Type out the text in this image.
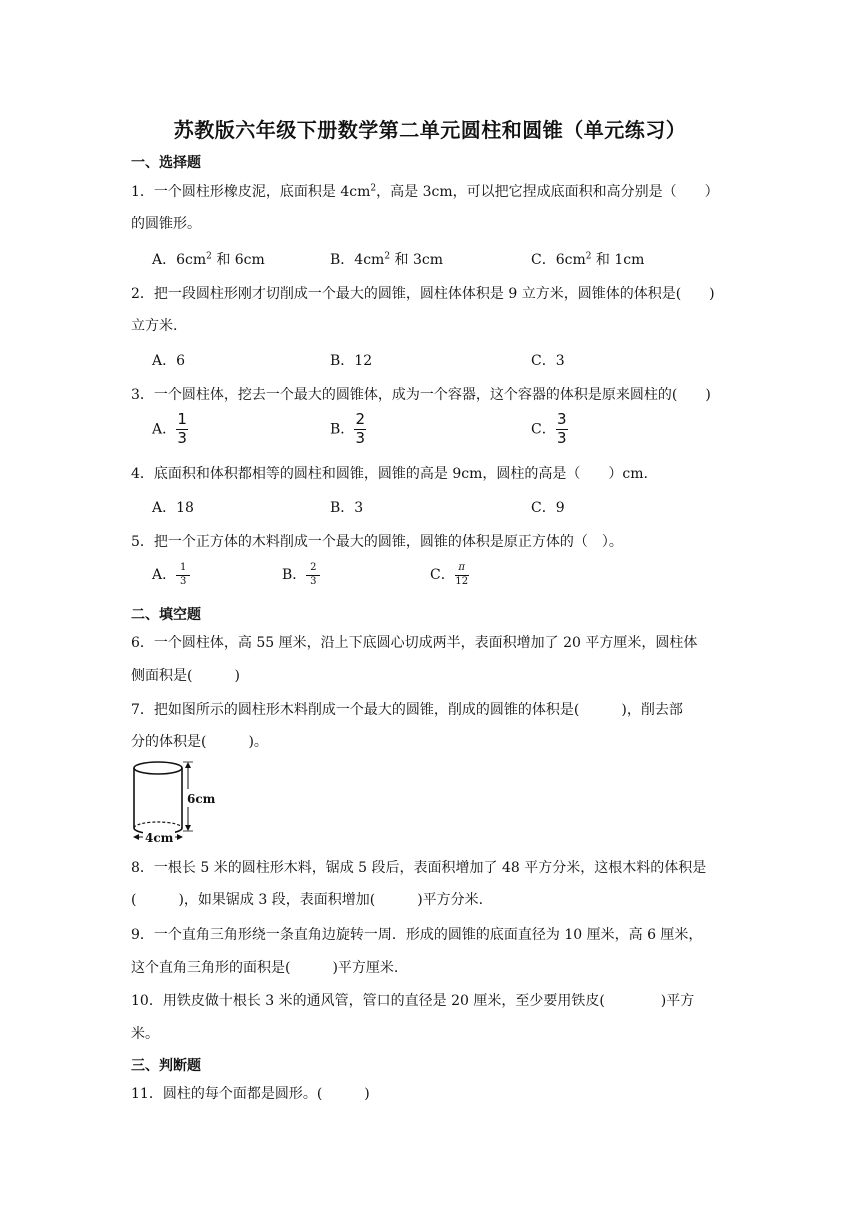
苏教版六年级下册数学第二单元圆柱和圆锥（单元练习）
一、选择题
1．一个圆柱形橡皮泥，底面积是 $4cm^2$，高是 3cm，可以把它捏成底面积和高分别是（　　）
的圆锥形。
A．$6cm^2$ 和 6cm	B．$4cm^2$ 和 3cm	C．$6cm^2$ 和 1cm
2．把一段圆柱形刚才切削成一个最大的圆锥，圆柱体体积是 9 立方米，圆锥体的体积是(　　)
立方米.
A．6	B．12	C．3
3．一个圆柱体，挖去一个最大的圆锥体，成为一个容器，这个容器的体积是原来圆柱的(　　)
A． $\frac{1}{3}$	B． $\frac{2}{3}$	C． $\frac{3}{3}$
4．底面积和体积都相等的圆柱和圆锥，圆锥的高是 9cm，圆柱的高是（　　）cm.
A．18	B．3	C．9
5．把一个正方体的木料削成一个最大的圆锥，圆锥的体积是原正方体的（　）。
A． $\frac{1}{3}$	B． $\frac{2}{3}$	C． $\frac{\pi}{12}$
二、填空题
6．一个圆柱体，高 55 厘米，沿上下底圆心切成两半，表面积增加了 20 平方厘米，圆柱体
侧面积是(　　　)
7．把如图所示的圆柱形木料削成一个最大的圆锥，削成的圆锥的体积是(　　　)，削去部
分的体积是(　　　)。
6cm
4cm
8．一根长 5 米的圆柱形木料，锯成 5 段后，表面积增加了 48 平方分米，这根木料的体积是
(　　　)，如果锯成 3 段，表面积增加(　　　)平方分米.
9．一个直角三角形绕一条直角边旋转一周．形成的圆锥的底面直径为 10 厘米，高 6 厘米，
这个直角三角形的面积是(　　　)平方厘米.
10．用铁皮做十根长 3 米的通风管，管口的直径是 20 厘米，至少要用铁皮(　　　　)平方
米。
三、判断题
11．圆柱的每个面都是圆形。(　　　)
